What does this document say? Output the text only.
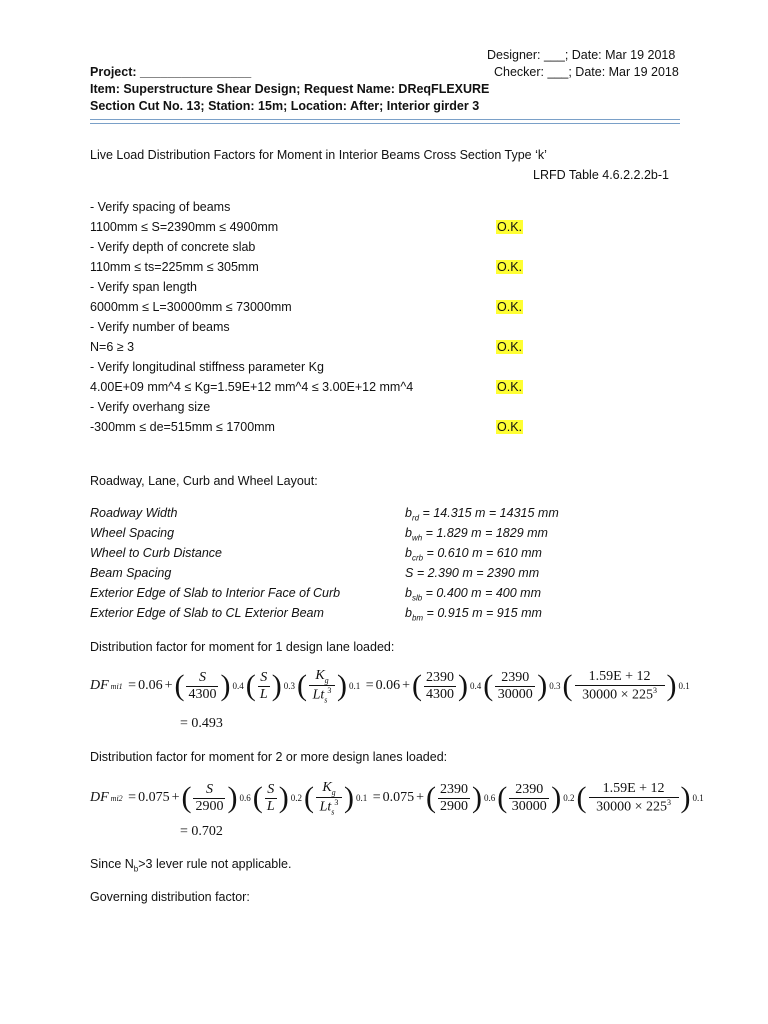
Designer: ___; Date: Mar 19 2018
Checker: ___; Date: Mar 19 2018
Project: ________________
Item: Superstructure Shear Design; Request Name: DReqFLEXURE
Section Cut No. 13; Station: 15m; Location: After; Interior girder 3
Live Load Distribution Factors for Moment in Interior Beams Cross Section Type ‘k’
LRFD Table 4.6.2.2.2b-1
- Verify spacing of beams
1100mm ≤ S=2390mm ≤ 4900mm	O.K.
- Verify depth of concrete slab
110mm ≤ ts=225mm ≤ 305mm	O.K.
- Verify span length
6000mm ≤ L=30000mm ≤ 73000mm	O.K.
- Verify number of beams
N=6 ≥ 3	O.K.
- Verify longitudinal stiffness parameter Kg
4.00E+09 mm^4 ≤ Kg=1.59E+12 mm^4 ≤ 3.00E+12 mm^4	O.K.
- Verify overhang size
-300mm ≤ de=515mm ≤ 1700mm	O.K.
Roadway, Lane, Curb and Wheel Layout:
Roadway Width	$b_{rd} = 14.315$ m = 14315 mm
Wheel Spacing	$b_{wh} = 1.829$ m = 1829 mm
Wheel to Curb Distance	$b_{crb} = 0.610$ m = 610 mm
Beam Spacing	S = 2.390 m = 2390 mm
Exterior Edge of Slab to Interior Face of Curb	$b_{slb} = 0.400$ m = 400 mm
Exterior Edge of Slab to CL Exterior Beam	$b_{bm} = 0.915$ m = 915 mm
Distribution factor for moment for 1 design lane loaded:
DF mi1 = 0.06 + (	S
4300 ) 0.4 ( S
L ) 0.3 ( $K_g$
$Lt_s^3$ ) 0.1 = 0.06 + ( 2390
4300 ) 0.4 ( 2390
30000 ) 0.3 (	1.59E + 12
$30000 \times 225^3$ ) 0.1
= 0.493
Distribution factor for moment for 2 or more design lanes loaded:
DF mi2 = 0.075 + (	S
2900 ) 0.6 ( S
L ) 0.2 ( $K_g$
$Lt_s^3$ ) 0.1 = 0.075 + ( 2390
2900 ) 0.6 ( 2390
30000 ) 0.2 (	1.59E + 12
$30000 \times 225^3$ ) 0.1
= 0.702
Since $N_b>3$ lever rule not applicable.
Governing distribution factor:
